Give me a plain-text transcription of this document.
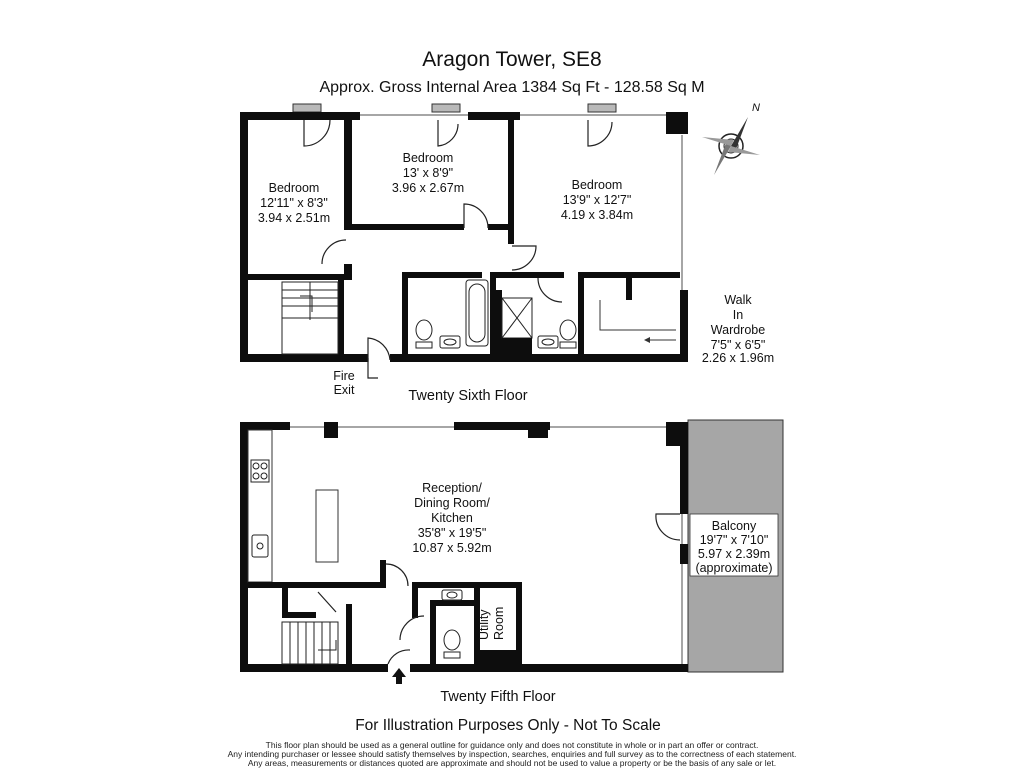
Aragon Tower, SE8
Approx. Gross Internal Area 1384 Sq Ft - 128.58 Sq M
N
Bedroom
12'11" x 8'3"
3.94 x 2.51m
Bedroom
13' x 8'9"
3.96 x 2.67m	Bedroom
13'9" x 12'7"
4.19 x 3.84m
Walk
In
Wardrobe
7'5" x 6'5"
2.26 x 1.96m
Fire
Exit	Twenty Sixth Floor
Reception/
Dining Room/
Kitchen
35'8" x 19'5"
10.87 x 5.92m
Balcony
19'7" x 7'10"
5.97 x 2.39m
(approximate)
Utility Room
Twenty Fifth Floor
For Illustration Purposes Only - Not To Scale
This floor plan should be used as a general outline for guidance only and does not constitute in whole or in part an offer or contract.
Any intending purchaser or lessee should satisfy themselves by inspection, searches, enquiries and full survey as to the correctness of each statement.
Any areas, measurements or distances quoted are approximate and should not be used to value a property or be the basis of any sale or let.
